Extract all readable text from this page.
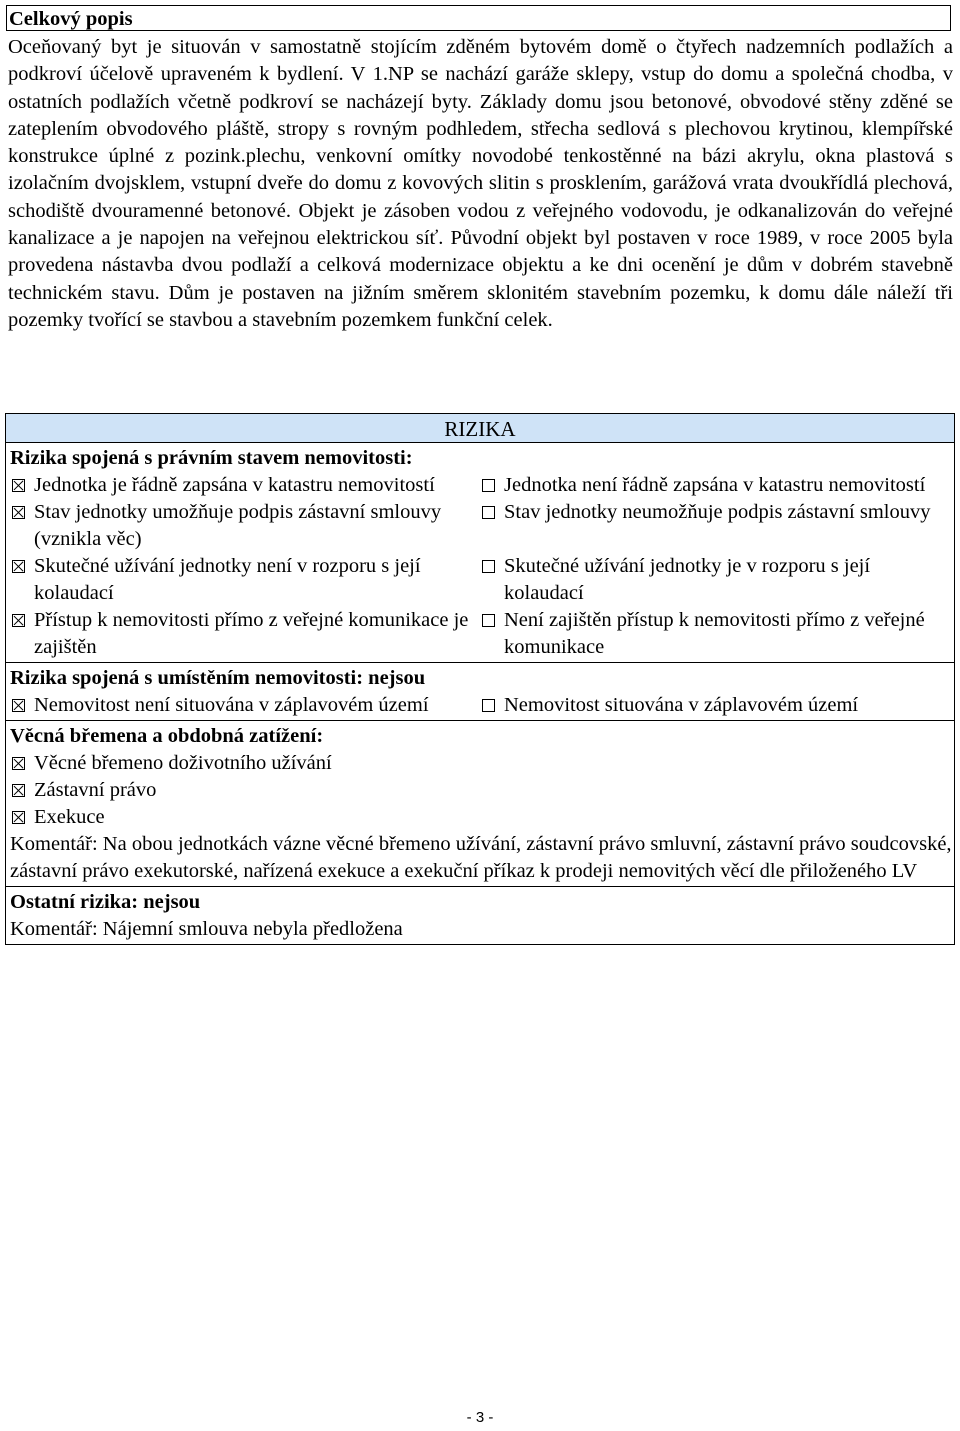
Celkový popis

Oceňovaný byt je situován v samostatně stojícím zděném bytovém domě o čtyřech nadzemních podlažích a podkroví účelově upraveném k bydlení. V 1.NP se nachází garáže sklepy, vstup do domu a společná chodba, v ostatních podlažích včetně podkroví se nacházejí byty. Základy domu jsou betonové, obvodové stěny zděné se zateplením obvodového pláště, stropy s rovným podhledem, střecha sedlová s plechovou krytinou, klempířské konstrukce úplné z pozink.plechu, venkovní omítky novodobé tenkostěnné na bázi akrylu, okna plastová s izolačním dvojsklem, vstupní dveře do domu z kovových slitin s prosklením, garážová vrata dvoukřídlá plechová, schodiště dvouramenné betonové. Objekt je zásoben vodou z veřejného vodovodu, je odkanalizován do veřejné kanalizace a je napojen na veřejnou elektrickou síť. Původní objekt byl postaven v roce 1989, v roce 2005 byla provedena nástavba dvou podlaží a celková modernizace objektu a ke dni ocenění je dům v dobrém stavebně technickém stavu. Dům je postaven na jižním směrem sklonitém stavebním pozemku, k domu dále náleží tři pozemky tvořící se stavbou a stavebním pozemkem funkční celek.

RIZIKA
Rizika spojená s právním stavem nemovitosti:
Jednotka je řádně zapsána v katastru nemovitostí	Jednotka není řádně zapsána v katastru nemovitostí
Stav jednotky umožňuje podpis zástavní smlouvy (vznikla věc)
Stav jednotky neumožňuje podpis zástavní smlouvy
Skutečné užívání jednotky není v rozporu s její kolaudací
Skutečné užívání jednotky je v rozporu s její kolaudací
Přístup k nemovitosti přímo z veřejné komunikace je zajištěn
Není zajištěn přístup k nemovitosti přímo z veřejné komunikace
Rizika spojená s umístěním nemovitosti: nejsou
Nemovitost není situována v záplavovém území	Nemovitost situována v záplavovém území
Věcná břemena a obdobná zatížení:
Věcné břemeno doživotního užívání
Zástavní právo
Exekuce
Komentář: Na obou jednotkách vázne věcné břemeno užívání, zástavní právo smluvní, zástavní právo soudcovské, zástavní právo exekutorské, nařízená exekuce a exekuční příkaz k prodeji nemovitých věcí dle přiloženého LV
Ostatní rizika: nejsou
Komentář: Nájemní smlouva nebyla předložena
- 3 -
